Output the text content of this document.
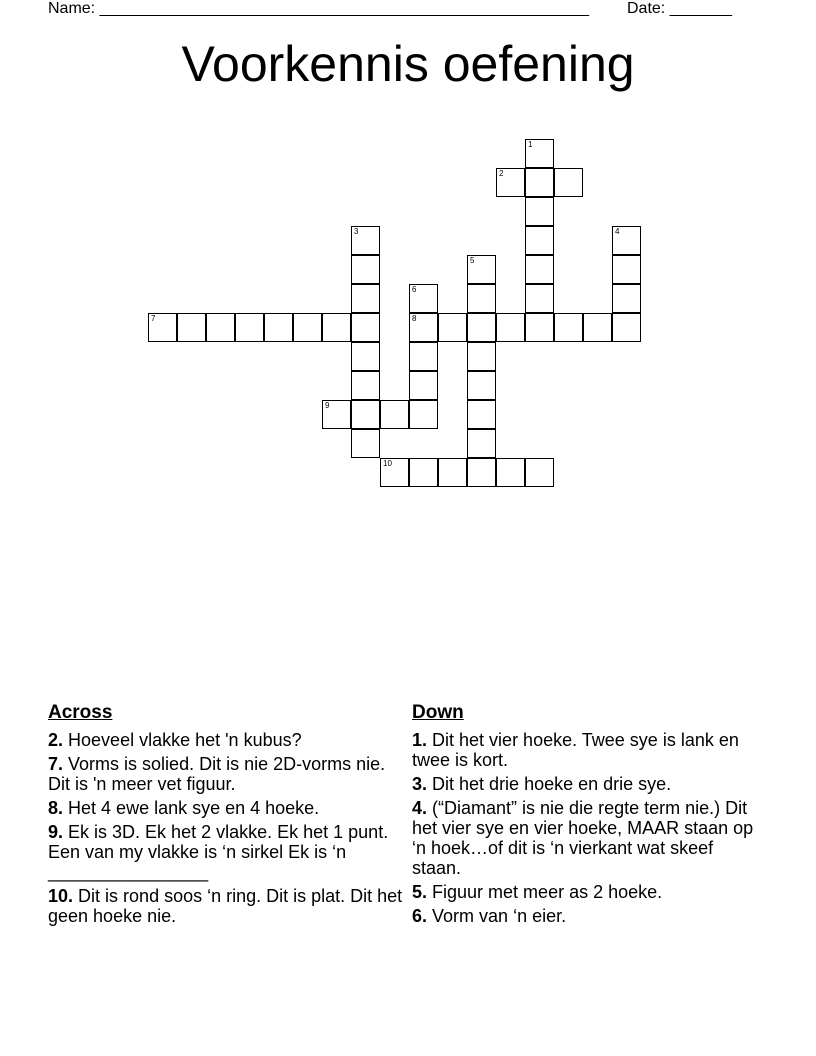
Name: _______________________________________________________ Date: _______
Voorkennis oefening
1
2
3	4
5
6
7	8
9
10
Across
2. Hoeveel vlakke het 'n kubus?
7. Vorms is solied. Dit is nie 2D-vorms nie. Dit is 'n meer vet figuur.
8. Het 4 ewe lank sye en 4 hoeke.
9. Ek is 3D. Ek het 2 vlakke. Ek het 1 punt. Een van my vlakke is ‘n sirkel Ek is ‘n ________________
10. Dit is rond soos ‘n ring. Dit is plat. Dit het geen hoeke nie.
Down
1. Dit het vier hoeke. Twee sye is lank en twee is kort.
3. Dit het drie hoeke en drie sye.
4. (“Diamant” is nie die regte term nie.) Dit het vier sye en vier hoeke, MAAR staan op ‘n hoek…of dit is ‘n vierkant wat skeef staan.
5. Figuur met meer as 2 hoeke.
6. Vorm van ‘n eier.
